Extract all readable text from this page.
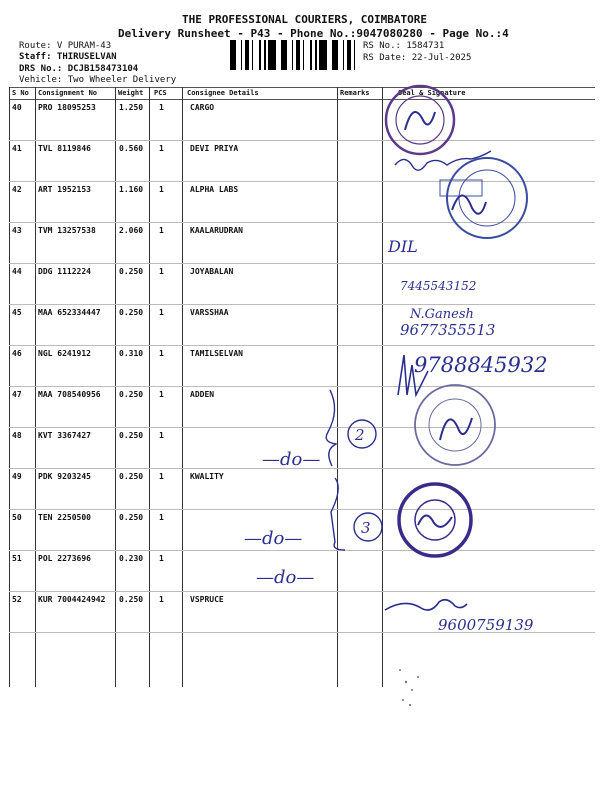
THE PROFESSIONAL COURIERS, COIMBATORE
Delivery Runsheet - P43 - Phone No.:9047080280 - Page No.:4
Route: V PURAM-43
Staff: THIRUSELVAN
DRS No.: DCJB158473104
Vehicle: Two Wheeler Delivery
RS No.: 1584731
RS Date: 22-Jul-2025
S No Consignment No	Weight PCS	Consignee Details	Remarks	Seal & Signature
40 PRO 18095253	1.250 1	CARGO
41 TVL 8119846	0.560 1	DEVI PRIYA
42 ART 1952153	1.160 1	ALPHA LABS
43 TVM 13257538	2.060 1	KAALARUDRAN
44 DDG 1112224	0.250 1	JOYABALAN
45 MAA 652334447 0.250 1	VARSSHAA
46 NGL 6241912	0.310 1	TAMILSELVAN
47 MAA 708540956 0.250 1	ADDEN
48 KVT 3367427	0.250 1
49 PDK 9203245	0.250 1	KWALITY
50 TEN 2250500	0.250 1
51 POL 2273696	0.230 1
52 KUR 7004424942 0.250 1	VSPRUCE
—do—
—do—
—do—
2
3
DIL
7445543152
N.Ganesh
9677355513
9788845932
9600759139
